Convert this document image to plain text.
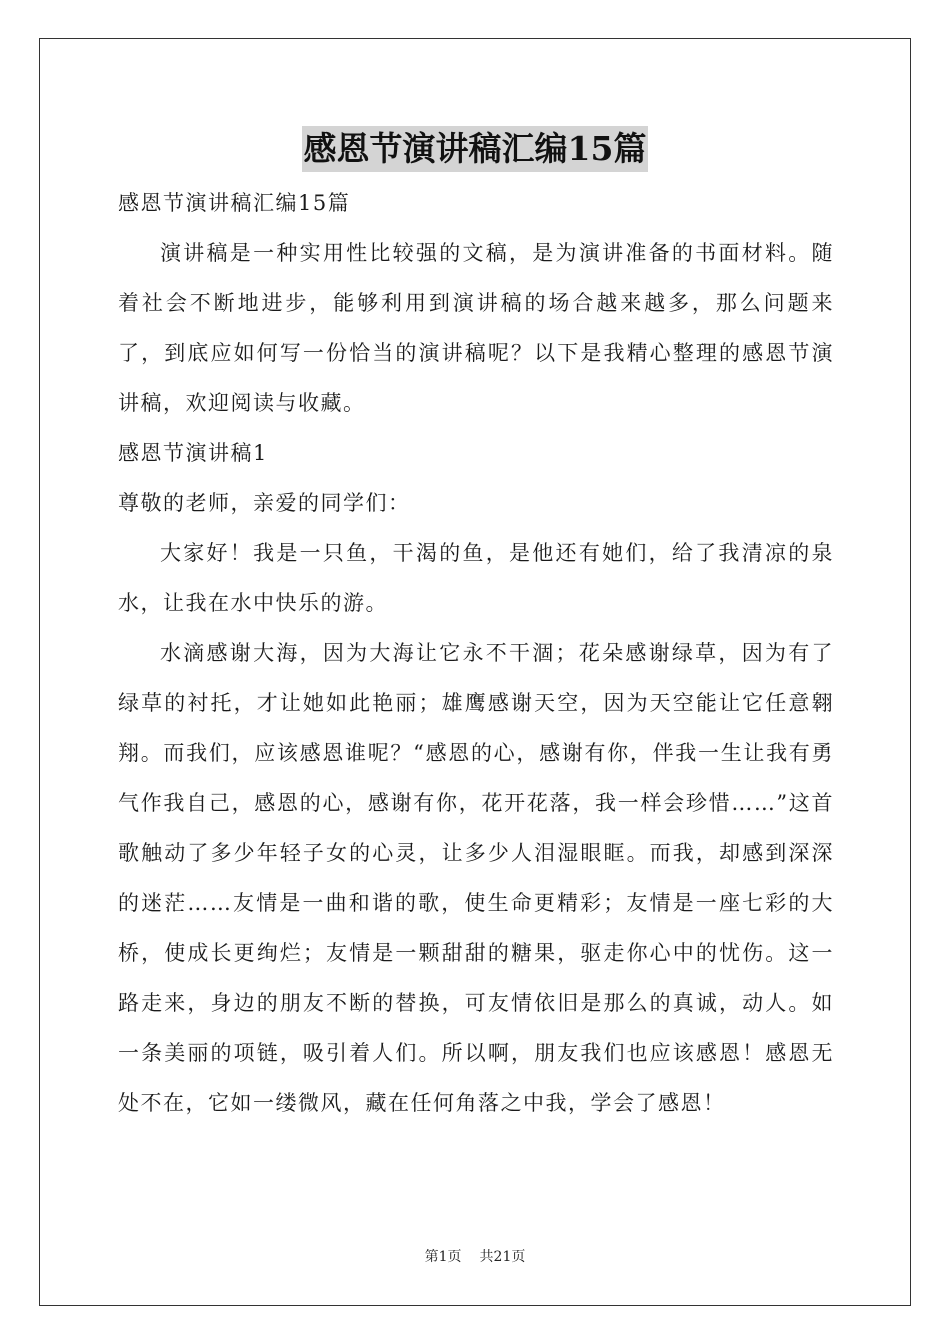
感恩节演讲稿汇编15篇

感恩节演讲稿汇编15篇

演讲稿是一种实用性比较强的文稿，是为演讲准备的书面材料。随着社会不断地进步，能够利用到演讲稿的场合越来越多，那么问题来了，到底应如何写一份恰当的演讲稿呢？以下是我精心整理的感恩节演讲稿，欢迎阅读与收藏。

感恩节演讲稿1

尊敬的老师，亲爱的同学们：

大家好！我是一只鱼，干渴的鱼，是他还有她们，给了我清凉的泉水，让我在水中快乐的游。

水滴感谢大海，因为大海让它永不干涸；花朵感谢绿草，因为有了绿草的衬托，才让她如此艳丽；雄鹰感谢天空，因为天空能让它任意翱翔。而我们，应该感恩谁呢？“感恩的心，感谢有你，伴我一生让我有勇气作我自己，感恩的心，感谢有你，花开花落，我一样会珍惜……”这首歌触动了多少年轻子女的心灵，让多少人泪湿眼眶。而我，却感到深深的迷茫……友情是一曲和谐的歌，使生命更精彩；友情是一座七彩的大桥，使成长更绚烂；友情是一颗甜甜的糖果，驱走你心中的忧伤。这一路走来，身边的朋友不断的替换，可友情依旧是那么的真诚，动人。如一条美丽的项链，吸引着人们。所以啊，朋友我们也应该感恩！感恩无处不在，它如一缕微风，藏在任何角落之中我，学会了感恩！

第1页 共21页
